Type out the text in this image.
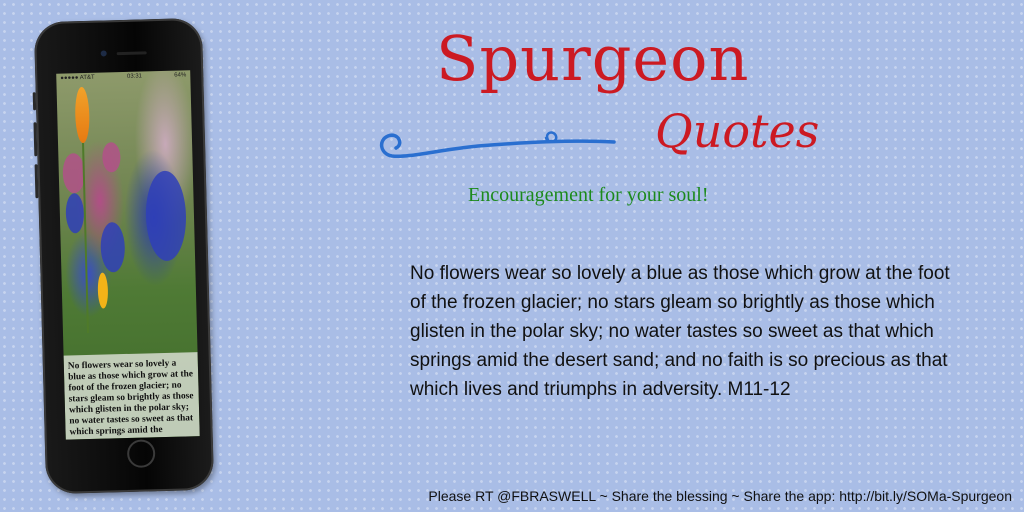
●●●●● AT&T	03:31	64%
No flowers wear so lovely a blue as those which grow at the foot of the frozen glacier; no stars gleam so brightly as those which glisten in the polar sky; no water tastes so sweet as that which springs amid the
Spurgeon
Quotes
Encouragement for your soul!
No flowers wear so lovely a blue as those which grow at the foot of the frozen glacier; no stars gleam so brightly as those which glisten in the polar sky; no water tastes so sweet as that which springs amid the desert sand; and no faith is so precious as that which lives and triumphs in adversity. M11-12
Please RT @FBRASWELL ~ Share the blessing ~ Share the app: http://bit.ly/SOMa-Spurgeon
